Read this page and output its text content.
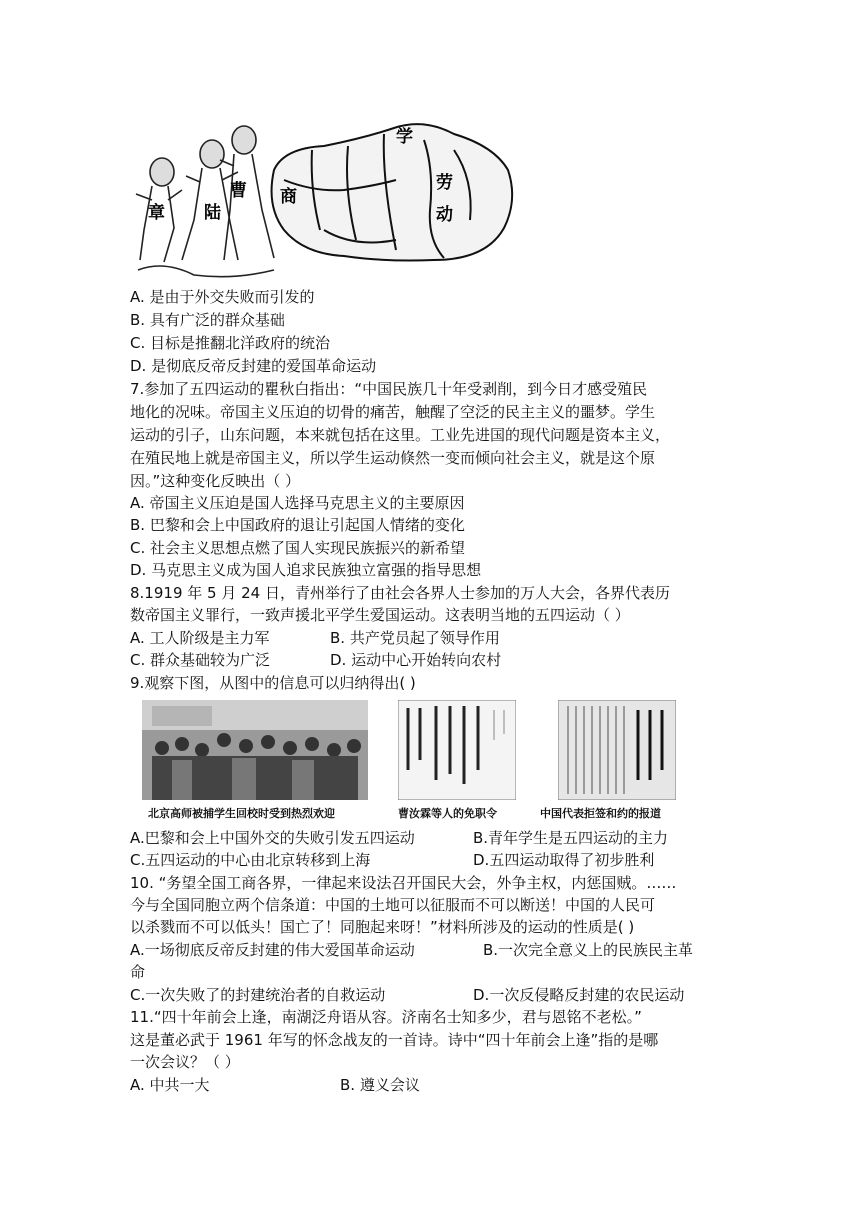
章 陆
曹 商
学
劳
动
A. 是由于外交失败而引发的
B. 具有广泛的群众基础
C. 目标是推翻北洋政府的统治
D. 是彻底反帝反封建的爱国革命运动
7.参加了五四运动的瞿秋白指出：“中国民族几十年受剥削，到今日才感受殖民
地化的况味。帝国主义压迫的切骨的痛苦，触醒了空泛的民主主义的噩梦。学生
运动的引子，山东问题，本来就包括在这里。工业先进国的现代问题是资本主义，
在殖民地上就是帝国主义，所以学生运动倏然一变而倾向社会主义，就是这个原
因。”这种变化反映出（ ）
A. 帝国主义压迫是国人选择马克思主义的主要原因
B. 巴黎和会上中国政府的退让引起国人情绪的变化
C. 社会主义思想点燃了国人实现民族振兴的新希望
D. 马克思主义成为国人追求民族独立富强的指导思想
8.1919 年 5 月 24 日，青州举行了由社会各界人士参加的万人大会，各界代表历
数帝国主义罪行，一致声援北平学生爱国运动。这表明当地的五四运动（ ）
A. 工人阶级是主力军	B. 共产党员起了领导作用
C. 群众基础较为广泛	D. 运动中心开始转向农村
9.观察下图，从图中的信息可以归纳得出( )
北京高师被捕学生回校时受到热烈欢迎	曹汝霖等人的免职令	中国代表拒签和约的报道
A.巴黎和会上中国外交的失败引发五四运动	B.青年学生是五四运动的主力
C.五四运动的中心由北京转移到上海	D.五四运动取得了初步胜利
10. “务望全国工商各界，一律起来设法召开国民大会，外争主权，内惩国贼。……
今与全国同胞立两个信条道：中国的土地可以征服而不可以断送！中国的人民可
以杀戮而不可以低头！国亡了！同胞起来呀！”材料所涉及的运动的性质是( )
A.一场彻底反帝反封建的伟大爱国革命运动	B.一次完全意义上的民族民主革
命
C.一次失败了的封建统治者的自救运动	D.一次反侵略反封建的农民运动
11.“四十年前会上逢，南湖泛舟语从容。济南名士知多少，君与恩铭不老松。”
这是董必武于 1961 年写的怀念战友的一首诗。诗中“四十年前会上逢”指的是哪
一次会议？（ ）
A. 中共一大	B. 遵义会议
